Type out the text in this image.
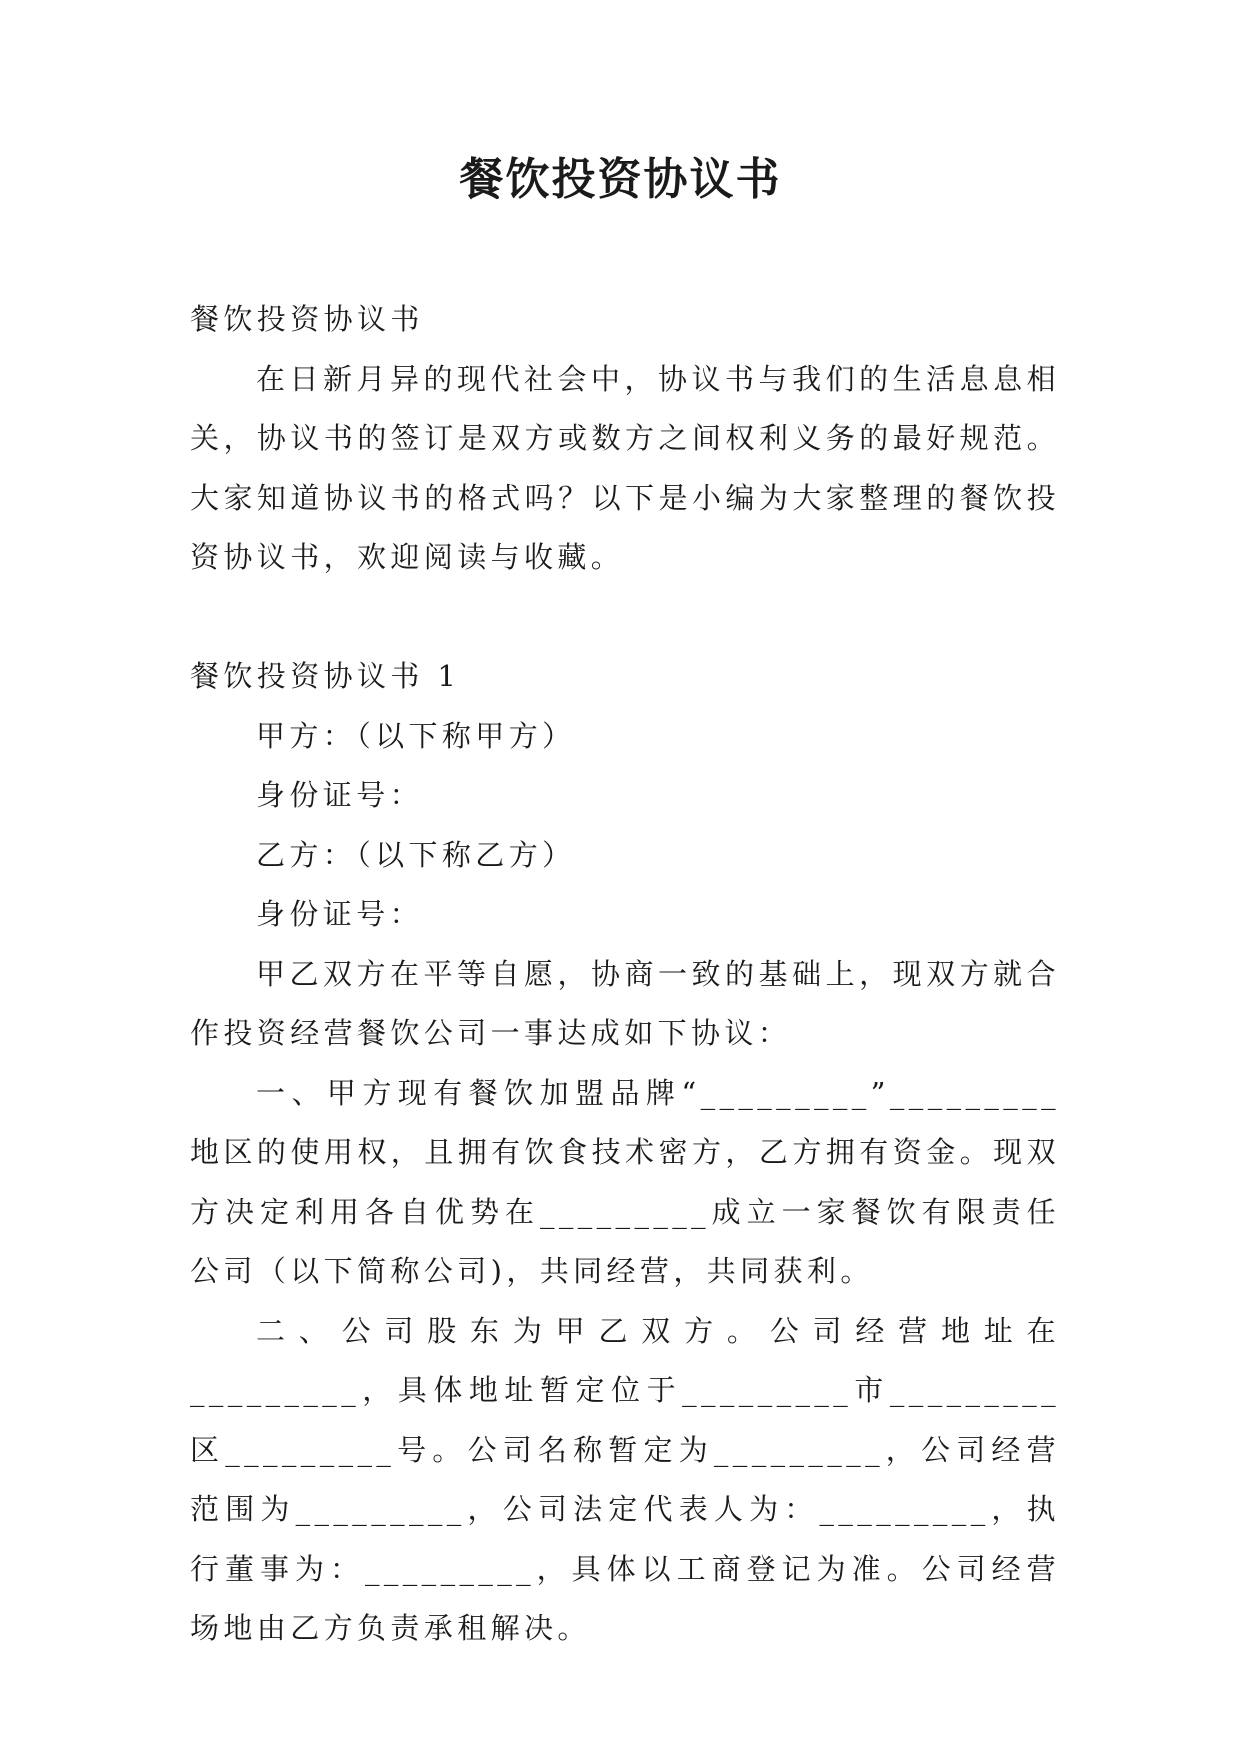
餐饮投资协议书

餐饮投资协议书

在日新月异的现代社会中，协议书与我们的生活息息相关，协议书的签订是双方或数方之间权利义务的最好规范。大家知道协议书的格式吗？以下是小编为大家整理的餐饮投资协议书，欢迎阅读与收藏。

餐饮投资协议书 1

甲方：（以下称甲方）

身份证号：

乙方：（以下称乙方）

身份证号：

甲乙双方在平等自愿，协商一致的基础上，现双方就合作投资经营餐饮公司一事达成如下协议：

一、甲方现有餐饮加盟品牌“_________”_________地区的使用权，且拥有饮食技术密方，乙方拥有资金。现双方决定利用各自优势在_________成立一家餐饮有限责任公司（以下简称公司)，共同经营，共同获利。

二、公司股东为甲乙双方。公司经营地址在_________，具体地址暂定位于_________市_________区_________号。公司名称暂定为_________，公司经营范围为_________，公司法定代表人为：_________，执行董事为：_________，具体以工商登记为准。公司经营场地由乙方负责承租解决。
